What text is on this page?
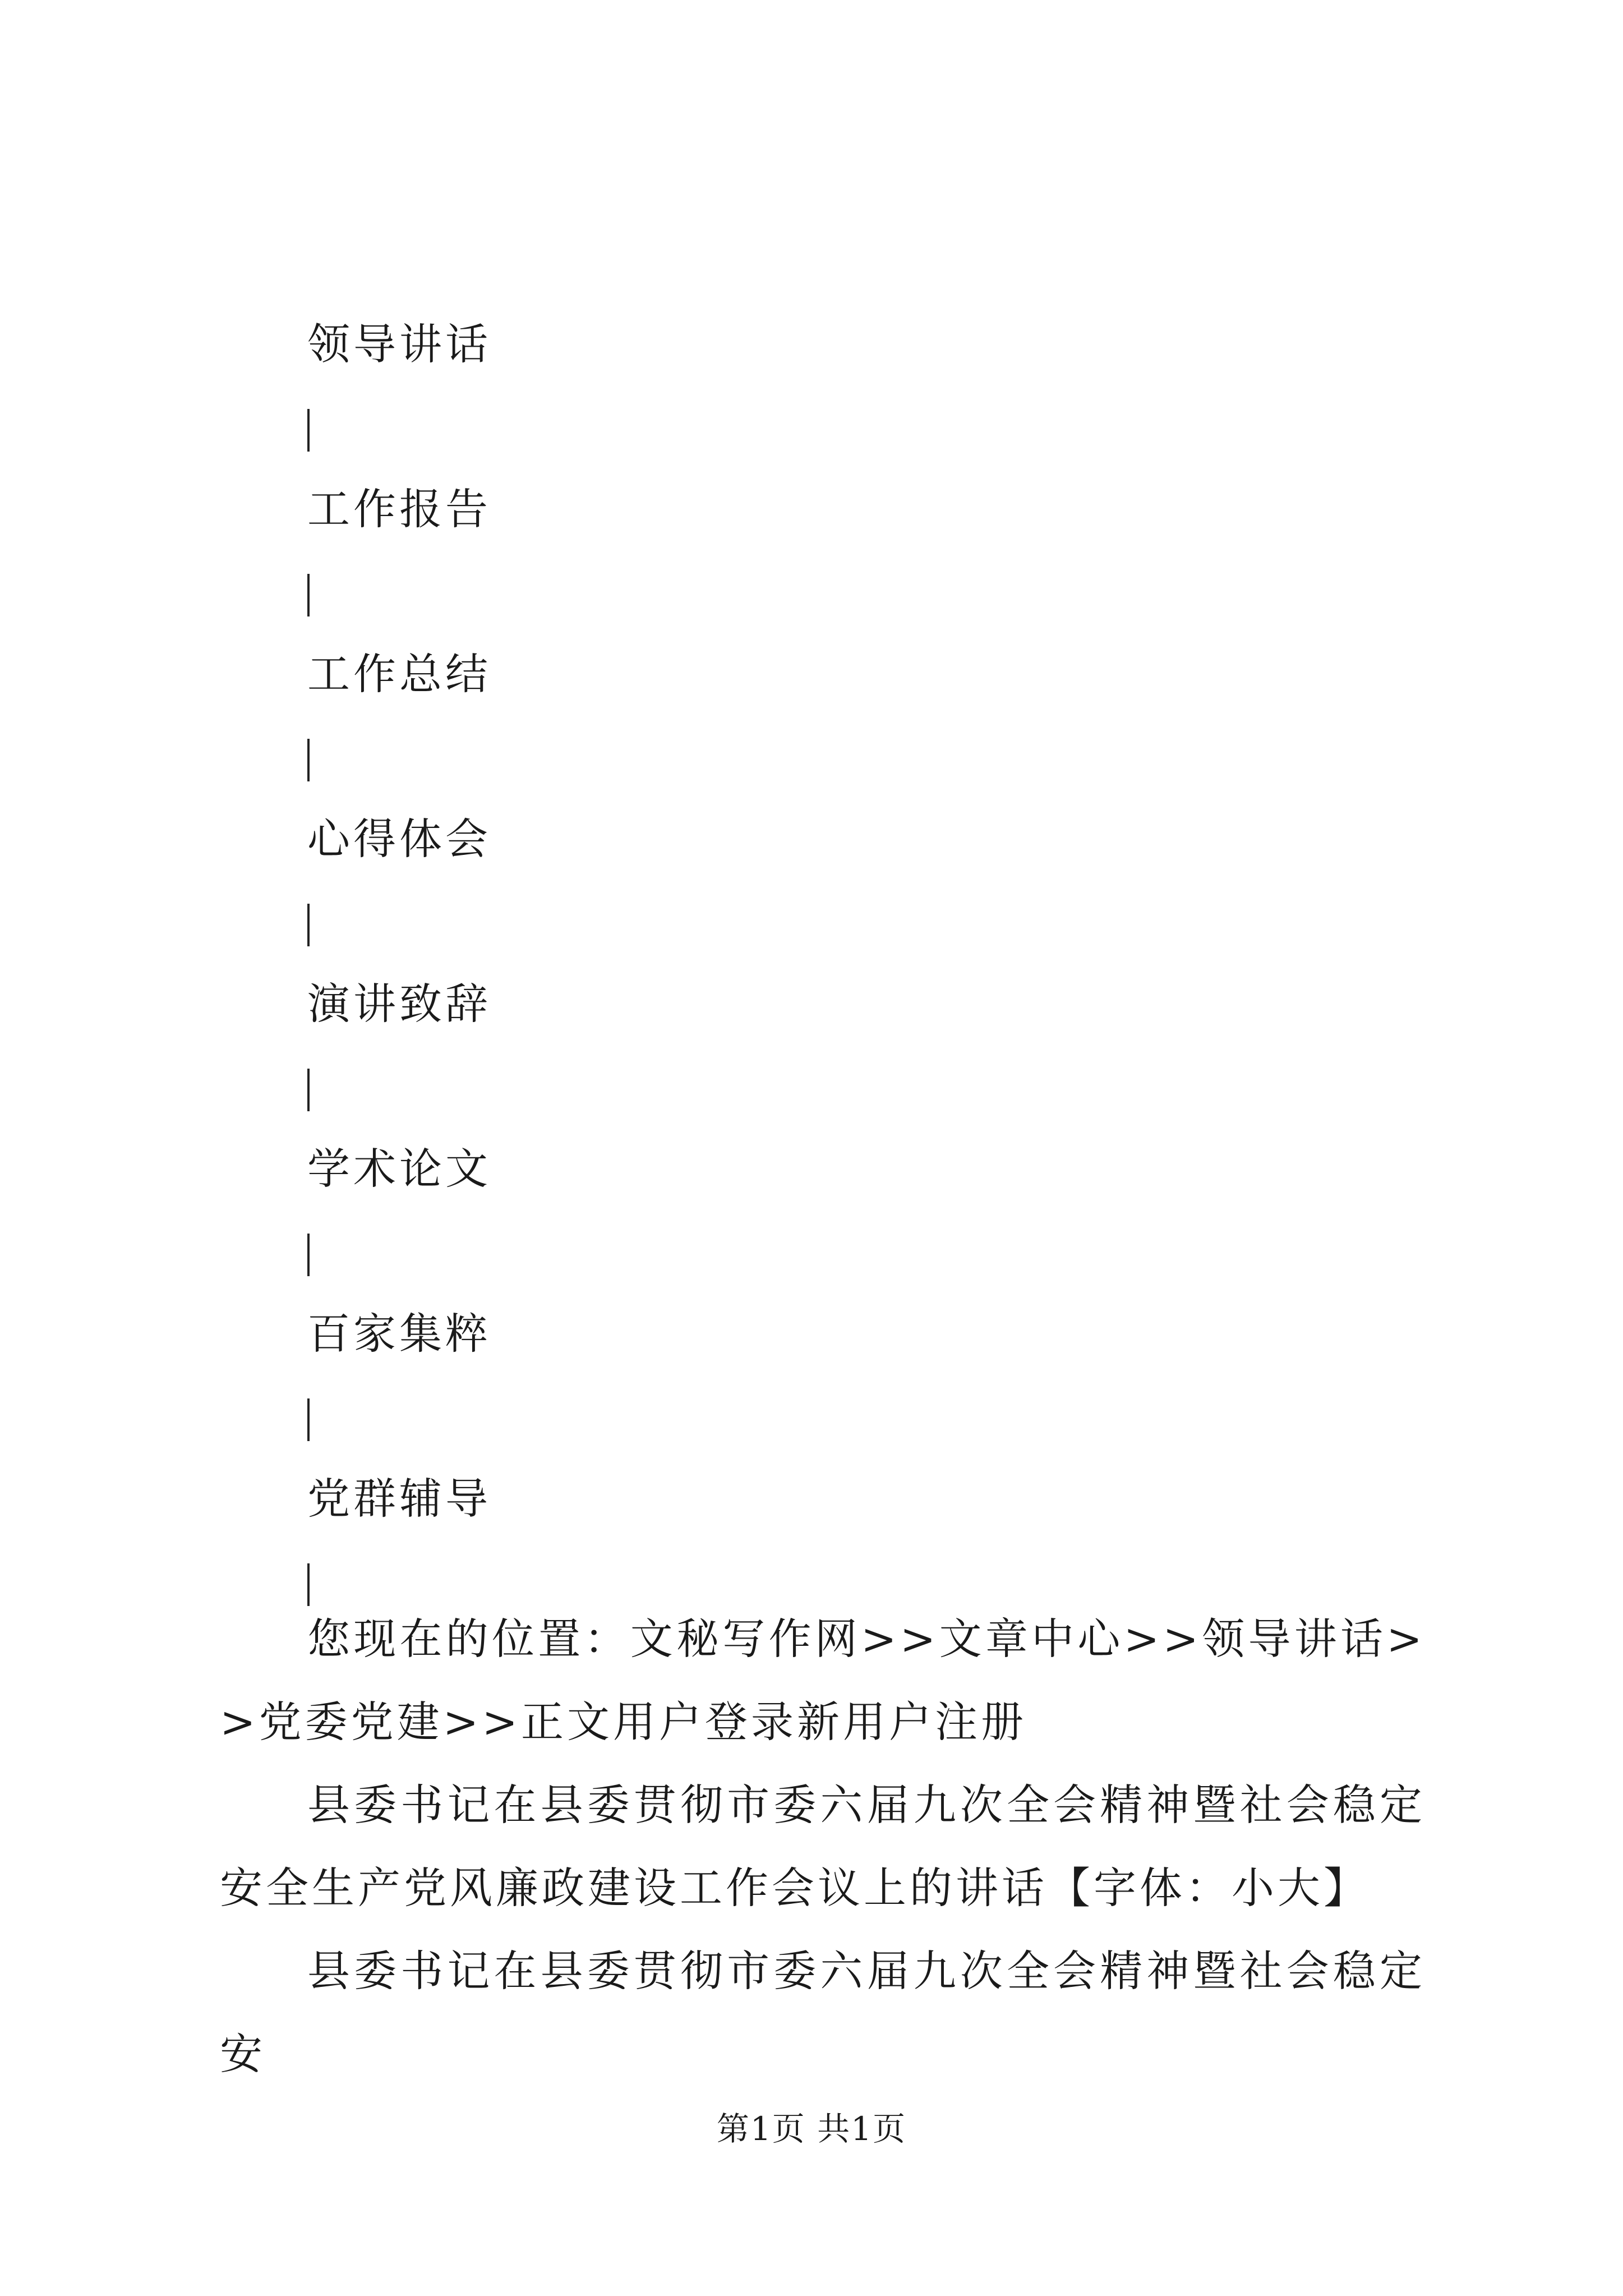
领导讲话
工作报告
工作总结
心得体会
演讲致辞
学术论文
百家集粹
党群辅导

您现在的位置：文秘写作网>>文章中心>>领导讲话>>党委党建>>正文用户登录新用户注册

县委书记在县委贯彻市委六届九次全会精神暨社会稳定安全生产党风廉政建设工作会议上的讲话【字体：小大】

县委书记在县委贯彻市委六届九次全会精神暨社会稳定安

第1页 共1页
